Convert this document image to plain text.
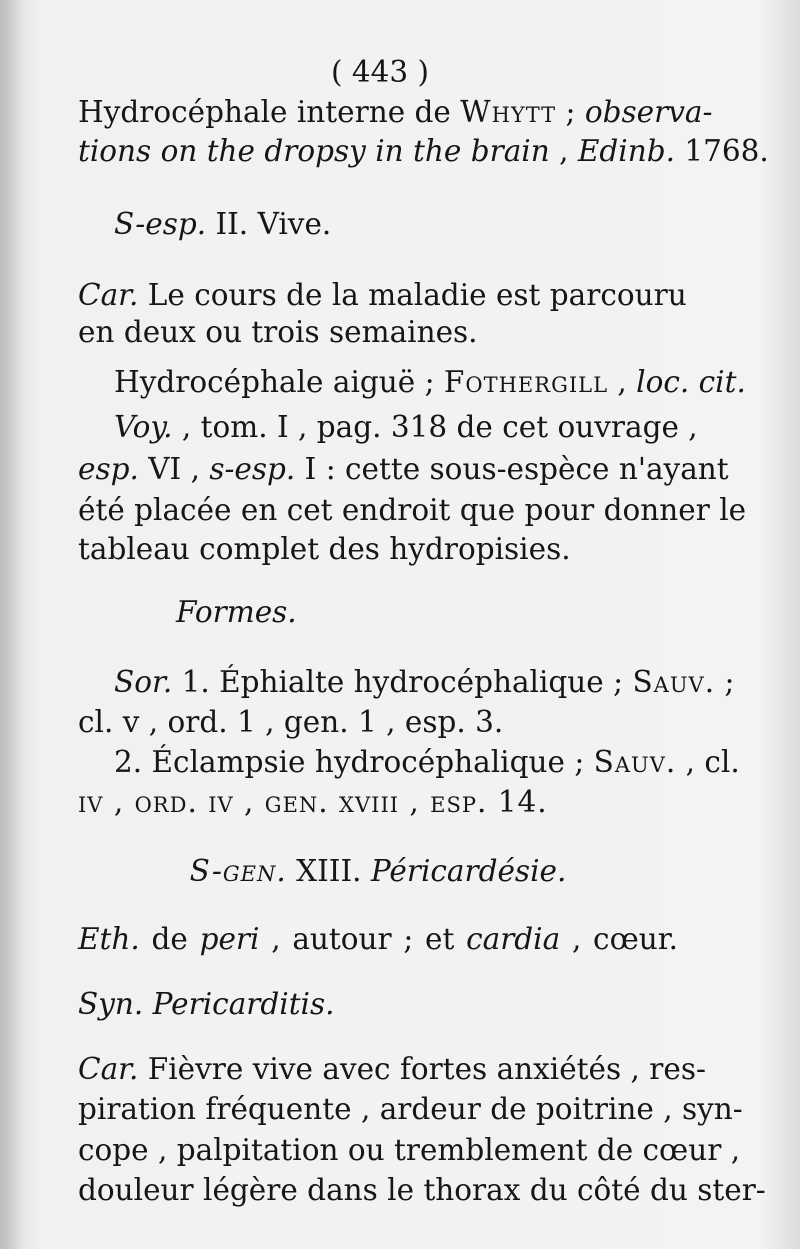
( 443 )
Hydrocéphale interne de Whytt ; observa-
tions on the dropsy in the brain , Edinb. 1768.
S-esp. II. Vive.
Car. Le cours de la maladie est parcouru
en deux ou trois semaines.
Hydrocéphale aiguë ; Fothergill , loc. cit.
Voy. , tom. I , pag. 318 de cet ouvrage ,
esp. VI , s-esp. I : cette sous-espèce n'ayant
été placée en cet endroit que pour donner le
tableau complet des hydropisies.
Formes.
Sor. 1. Éphialte hydrocéphalique ; Sauv. ;
cl. v , ord. 1 , gen. 1 , esp. 3.
2. Éclampsie hydrocéphalique ; Sauv. , cl.
iv , ord. iv , gen. xviii , esp. 14.
S-gen. XIII. Péricardésie.
Eth. de peri , autour ; et cardia , cœur.
Syn. Pericarditis.
Car. Fièvre vive avec fortes anxiétés , res-
piration fréquente , ardeur de poitrine , syn-
cope , palpitation ou tremblement de cœur ,
douleur légère dans le thorax du côté du ster-
